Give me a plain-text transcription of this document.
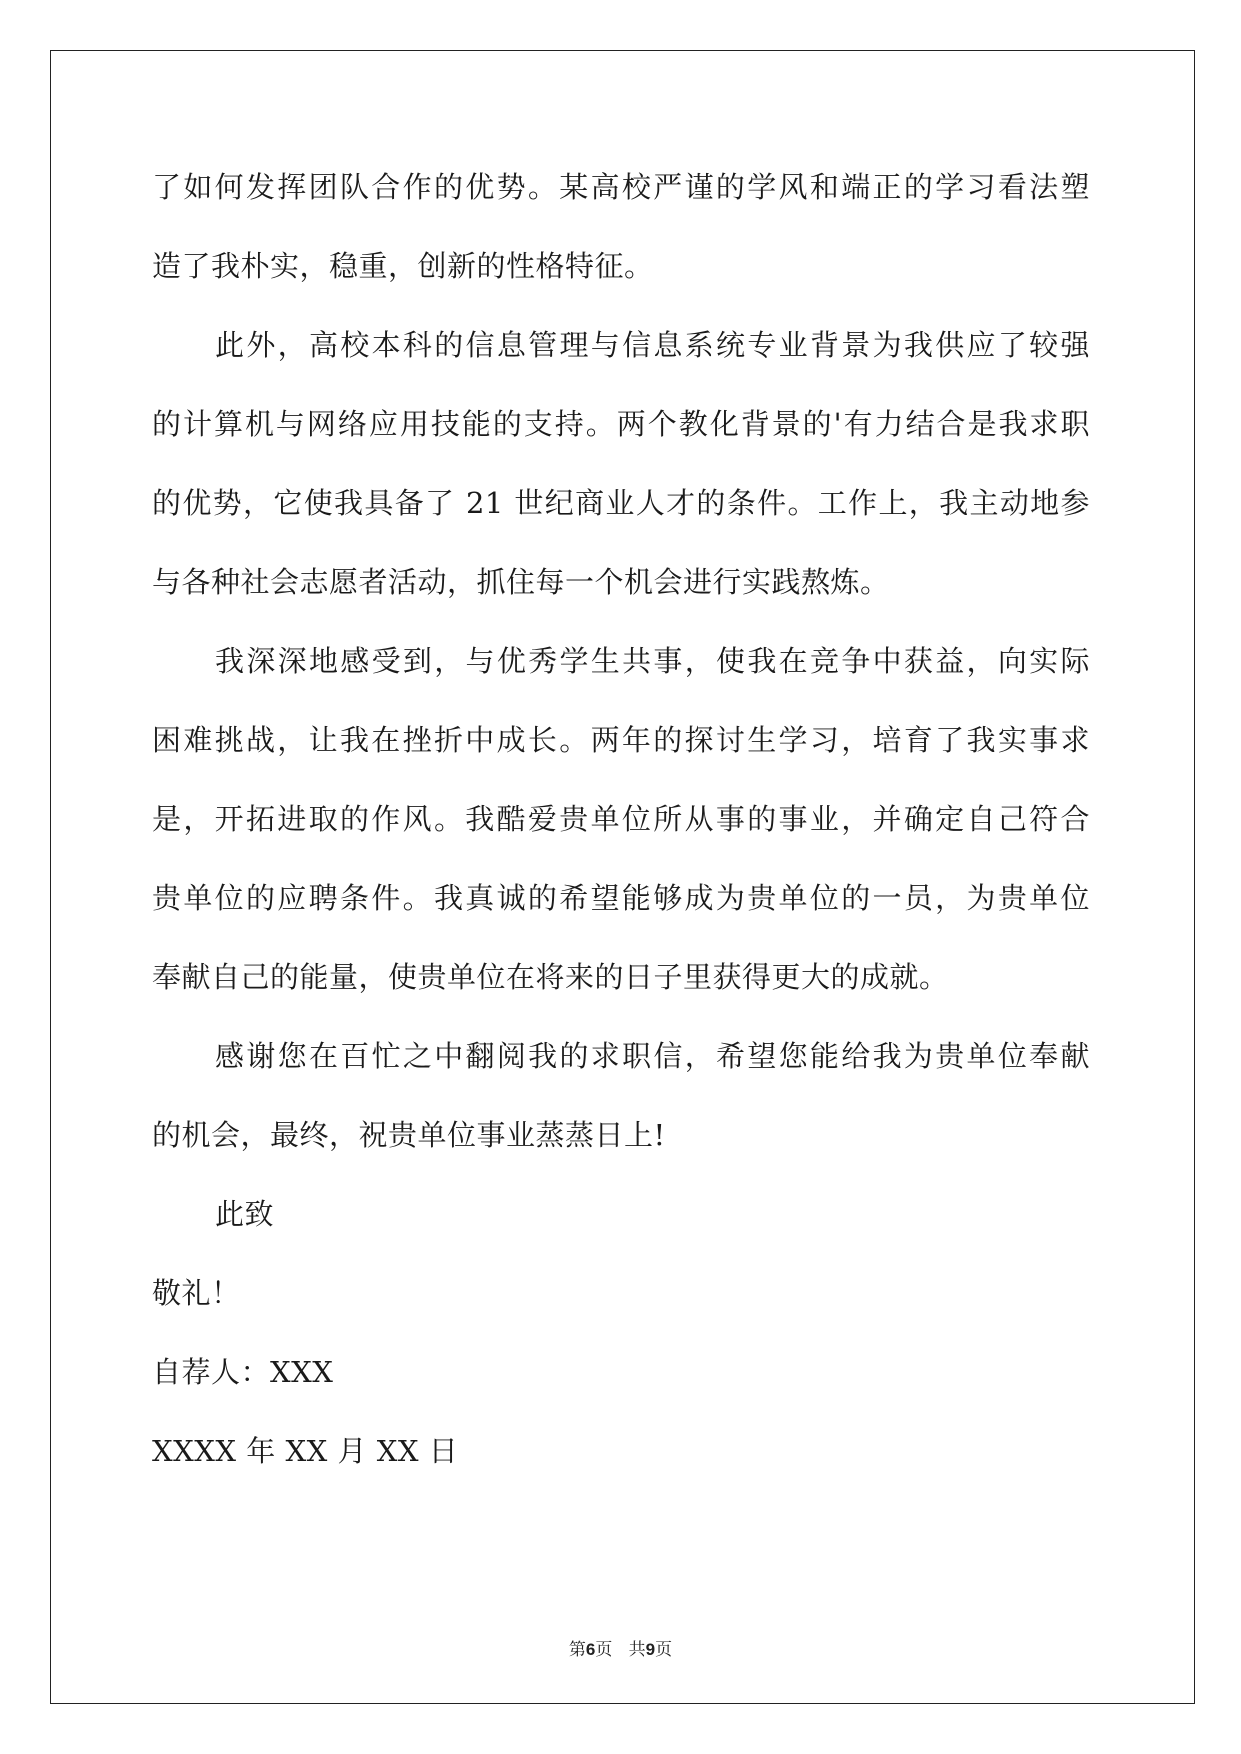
了如何发挥团队合作的优势。某高校严谨的学风和端正的学习看法塑
造了我朴实，稳重，创新的性格特征。
此外，高校本科的信息管理与信息系统专业背景为我供应了较强
的计算机与网络应用技能的支持。两个教化背景的'有力结合是我求职
的优势，它使我具备了 21 世纪商业人才的条件。工作上，我主动地参
与各种社会志愿者活动，抓住每一个机会进行实践熬炼。
我深深地感受到，与优秀学生共事，使我在竞争中获益，向实际
困难挑战，让我在挫折中成长。两年的探讨生学习，培育了我实事求
是，开拓进取的作风。我酷爱贵单位所从事的事业，并确定自己符合
贵单位的应聘条件。我真诚的希望能够成为贵单位的一员，为贵单位
奉献自己的能量，使贵单位在将来的日子里获得更大的成就。
感谢您在百忙之中翻阅我的求职信，希望您能给我为贵单位奉献
的机会，最终，祝贵单位事业蒸蒸日上!
此致
敬礼！
自荐人：XXX
XXXX 年 XX 月 XX 日
第6页 共9页
